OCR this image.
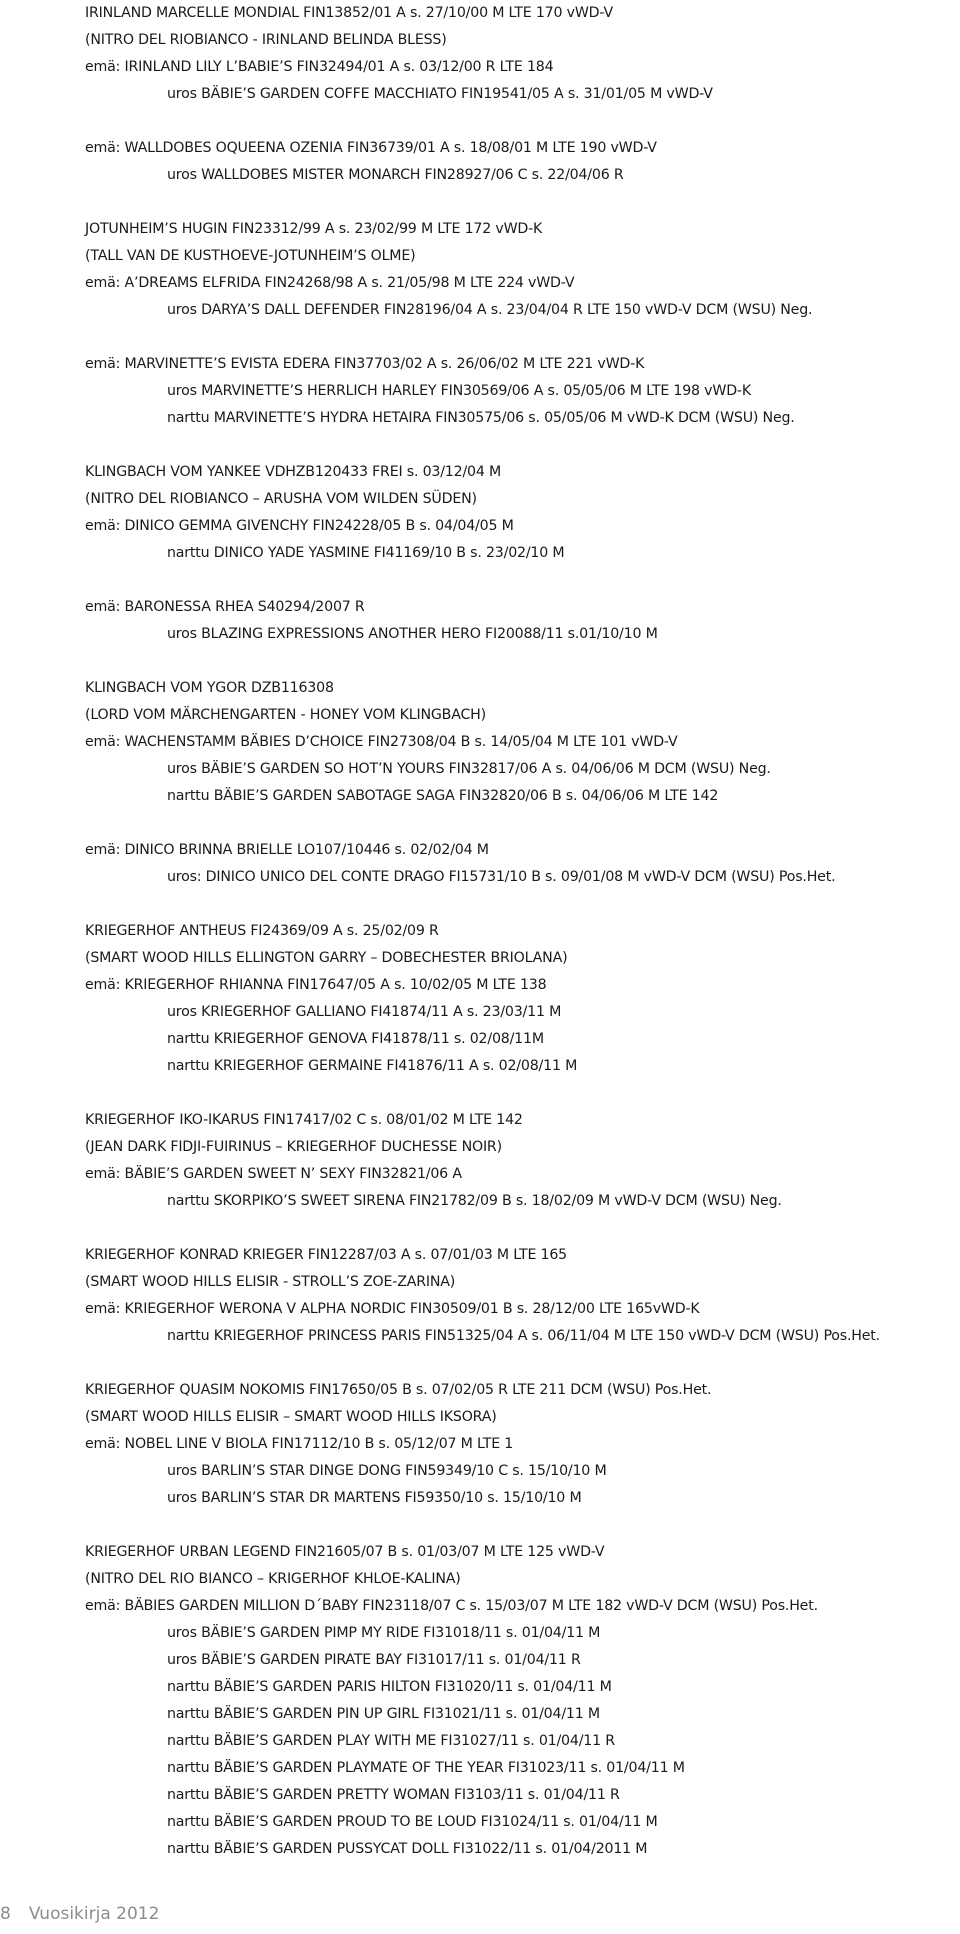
IRINLAND MARCELLE MONDIAL FIN13852/01 A s. 27/10/00 M LTE 170 vWD-V
(NITRO DEL RIOBIANCO - IRINLAND BELINDA BLESS)
emä: IRINLAND LILY L’BABIE’S FIN32494/01 A s. 03/12/00 R LTE 184
uros BÄBIE’S GARDEN COFFE MACCHIATO FIN19541/05 A s. 31/01/05 M vWD-V
emä: WALLDOBES OQUEENA OZENIA FIN36739/01 A s. 18/08/01 M LTE 190 vWD-V
uros WALLDOBES MISTER MONARCH FIN28927/06 C s. 22/04/06 R
JOTUNHEIM’S HUGIN FIN23312/99 A s. 23/02/99 M LTE 172 vWD-K
(TALL VAN DE KUSTHOEVE-JOTUNHEIM’S OLME)
emä: A’DREAMS ELFRIDA FIN24268/98 A s. 21/05/98 M LTE 224 vWD-V
uros DARYA’S DALL DEFENDER FIN28196/04 A s. 23/04/04 R LTE 150 vWD-V DCM (WSU) Neg.
emä: MARVINETTE’S EVISTA EDERA FIN37703/02 A s. 26/06/02 M LTE 221 vWD-K
uros MARVINETTE’S HERRLICH HARLEY FIN30569/06 A s. 05/05/06 M LTE 198 vWD-K
narttu MARVINETTE’S HYDRA HETAIRA FIN30575/06 s. 05/05/06 M vWD-K DCM (WSU) Neg.
KLINGBACH VOM YANKEE VDHZB120433 FREI s. 03/12/04 M
(NITRO DEL RIOBIANCO – ARUSHA VOM WILDEN SÜDEN)
emä: DINICO GEMMA GIVENCHY FIN24228/05 B s. 04/04/05 M
narttu DINICO YADE YASMINE FI41169/10 B s. 23/02/10 M
emä: BARONESSA RHEA S40294/2007 R
uros BLAZING EXPRESSIONS ANOTHER HERO FI20088/11 s.01/10/10 M
KLINGBACH VOM YGOR DZB116308
(LORD VOM MÄRCHENGARTEN - HONEY VOM KLINGBACH)
emä: WACHENSTAMM BÄBIES D’CHOICE FIN27308/04 B s. 14/05/04 M LTE 101 vWD-V
uros BÄBIE’S GARDEN SO HOT’N YOURS FIN32817/06 A s. 04/06/06 M DCM (WSU) Neg.
narttu BÄBIE’S GARDEN SABOTAGE SAGA FIN32820/06 B s. 04/06/06 M LTE 142
emä: DINICO BRINNA BRIELLE LO107/10446 s. 02/02/04 M
uros: DINICO UNICO DEL CONTE DRAGO FI15731/10 B s. 09/01/08 M vWD-V DCM (WSU) Pos.Het.
KRIEGERHOF ANTHEUS FI24369/09 A s. 25/02/09 R
(SMART WOOD HILLS ELLINGTON GARRY – DOBECHESTER BRIOLANA)
emä: KRIEGERHOF RHIANNA FIN17647/05 A s. 10/02/05 M LTE 138
uros KRIEGERHOF GALLIANO FI41874/11 A s. 23/03/11 M
narttu KRIEGERHOF GENOVA FI41878/11 s. 02/08/11M
narttu KRIEGERHOF GERMAINE FI41876/11 A s. 02/08/11 M
KRIEGERHOF IKO-IKARUS FIN17417/02 C s. 08/01/02 M LTE 142
(JEAN DARK FIDJI-FUIRINUS – KRIEGERHOF DUCHESSE NOIR)
emä: BÄBIE’S GARDEN SWEET N’ SEXY FIN32821/06 A
narttu SKORPIKO’S SWEET SIRENA FIN21782/09 B s. 18/02/09 M vWD-V DCM (WSU) Neg.
KRIEGERHOF KONRAD KRIEGER FIN12287/03 A s. 07/01/03 M LTE 165
(SMART WOOD HILLS ELISIR - STROLL’S ZOE-ZARINA)
emä: KRIEGERHOF WERONA V ALPHA NORDIC FIN30509/01 B s. 28/12/00 LTE 165vWD-K
narttu KRIEGERHOF PRINCESS PARIS FIN51325/04 A s. 06/11/04 M LTE 150 vWD-V DCM (WSU) Pos.Het.
KRIEGERHOF QUASIM NOKOMIS FIN17650/05 B s. 07/02/05 R LTE 211 DCM (WSU) Pos.Het.
(SMART WOOD HILLS ELISIR – SMART WOOD HILLS IKSORA)
emä: NOBEL LINE V BIOLA FIN17112/10 B s. 05/12/07 M LTE 1
uros BARLIN’S STAR DINGE DONG FIN59349/10 C s. 15/10/10 M
uros BARLIN’S STAR DR MARTENS FI59350/10 s. 15/10/10 M
KRIEGERHOF URBAN LEGEND FIN21605/07 B s. 01/03/07 M LTE 125 vWD-V
(NITRO DEL RIO BIANCO – KRIGERHOF KHLOE-KALINA)
emä: BÄBIES GARDEN MILLION D´BABY FIN23118/07 C s. 15/03/07 M LTE 182 vWD-V DCM (WSU) Pos.Het.
uros BÄBIE’S GARDEN PIMP MY RIDE FI31018/11 s. 01/04/11 M
uros BÄBIE’S GARDEN PIRATE BAY FI31017/11 s. 01/04/11 R
narttu BÄBIE’S GARDEN PARIS HILTON FI31020/11 s. 01/04/11 M
narttu BÄBIE’S GARDEN PIN UP GIRL FI31021/11 s. 01/04/11 M
narttu BÄBIE’S GARDEN PLAY WITH ME FI31027/11 s. 01/04/11 R
narttu BÄBIE’S GARDEN PLAYMATE OF THE YEAR FI31023/11 s. 01/04/11 M
narttu BÄBIE’S GARDEN PRETTY WOMAN FI3103/11 s. 01/04/11 R
narttu BÄBIE’S GARDEN PROUD TO BE LOUD FI31024/11 s. 01/04/11 M
narttu BÄBIE’S GARDEN PUSSYCAT DOLL FI31022/11 s. 01/04/2011 M
8 Vuosikirja 2012
